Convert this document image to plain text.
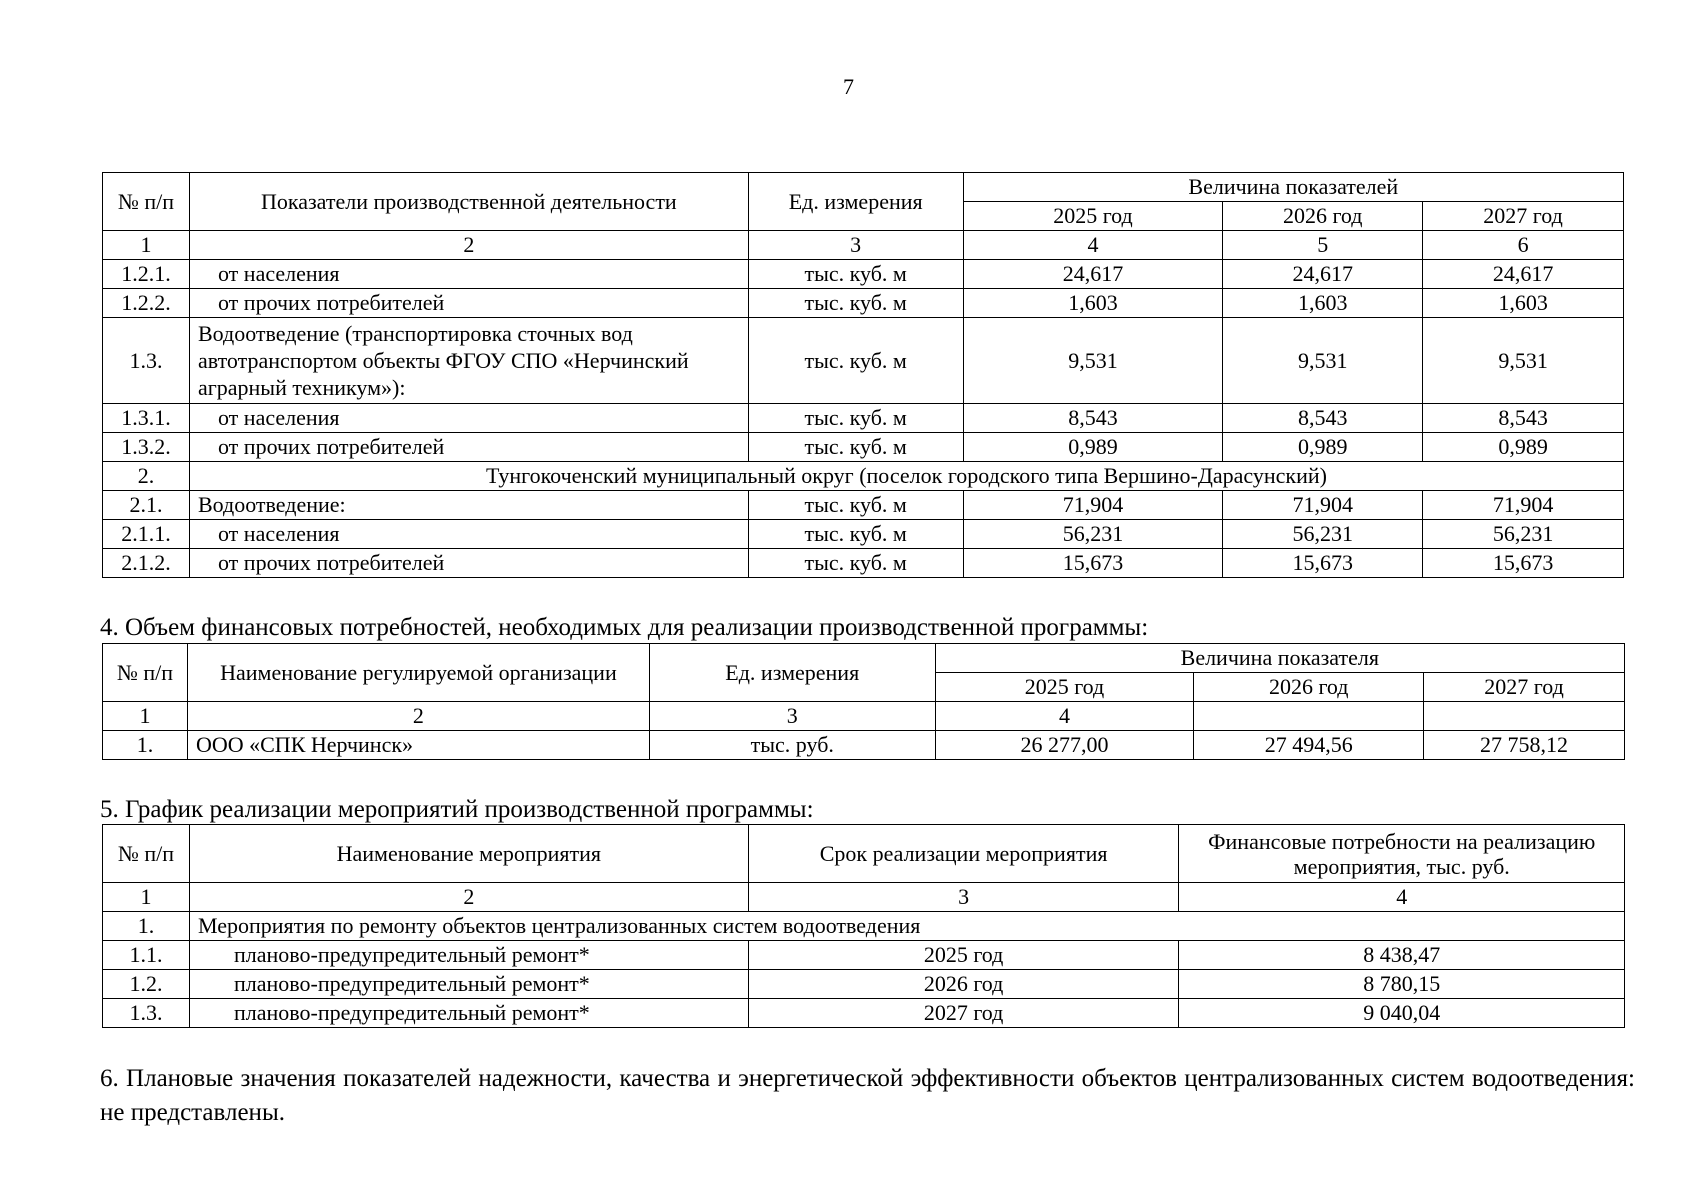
7
№ п/п	Показатели производственной деятельности	Ед. измерения	Величина показателей		
			2025 год	2026 год	2027 год
1	2	3	4	5	6
1.2.1.	от населения	тыс. куб. м	24,617	24,617	24,617
1.2.2.	от прочих потребителей	тыс. куб. м	1,603	1,603	1,603
1.3.	Водоотведение (транспортировка сточных вод автотранспортом объекты ФГОУ СПО «Нерчинский аграрный техникум»):	тыс. куб. м	9,531	9,531	9,531
1.3.1.	от населения	тыс. куб. м	8,543	8,543	8,543
1.3.2.	от прочих потребителей	тыс. куб. м	0,989	0,989	0,989
2.	Тунгокоченский муниципальный округ (поселок городского типа Вершино-Дарасунский)				
2.1.	Водоотведение:	тыс. куб. м	71,904	71,904	71,904
2.1.1.	от населения	тыс. куб. м	56,231	56,231	56,231
2.1.2.	от прочих потребителей	тыс. куб. м	15,673	15,673	15,673
4. Объем финансовых потребностей, необходимых для реализации производственной программы:
№ п/п	Наименование регулируемой организации	Ед. измерения	Величина показателя		
			2025 год	2026 год	2027 год
1	2	3	4		
1.	ООО «СПК Нерчинск»	тыс. руб.	26 277,00	27 494,56	27 758,12
5. График реализации мероприятий производственной программы:
№ п/п	Наименование мероприятия	Срок реализации мероприятия	Финансовые потребности на реализацию мероприятия, тыс. руб.
1	2	3	4
1.	Мероприятия по ремонту объектов централизованных систем водоотведения		
1.1.	планово-предупредительный ремонт*	2025 год	8 438,47
1.2.	планово-предупредительный ремонт*	2026 год	8 780,15
1.3.	планово-предупредительный ремонт*	2027 год	9 040,04
6. Плановые значения показателей надежности, качества и энергетической эффективности объектов централизованных систем водоотведения: не представлены.
